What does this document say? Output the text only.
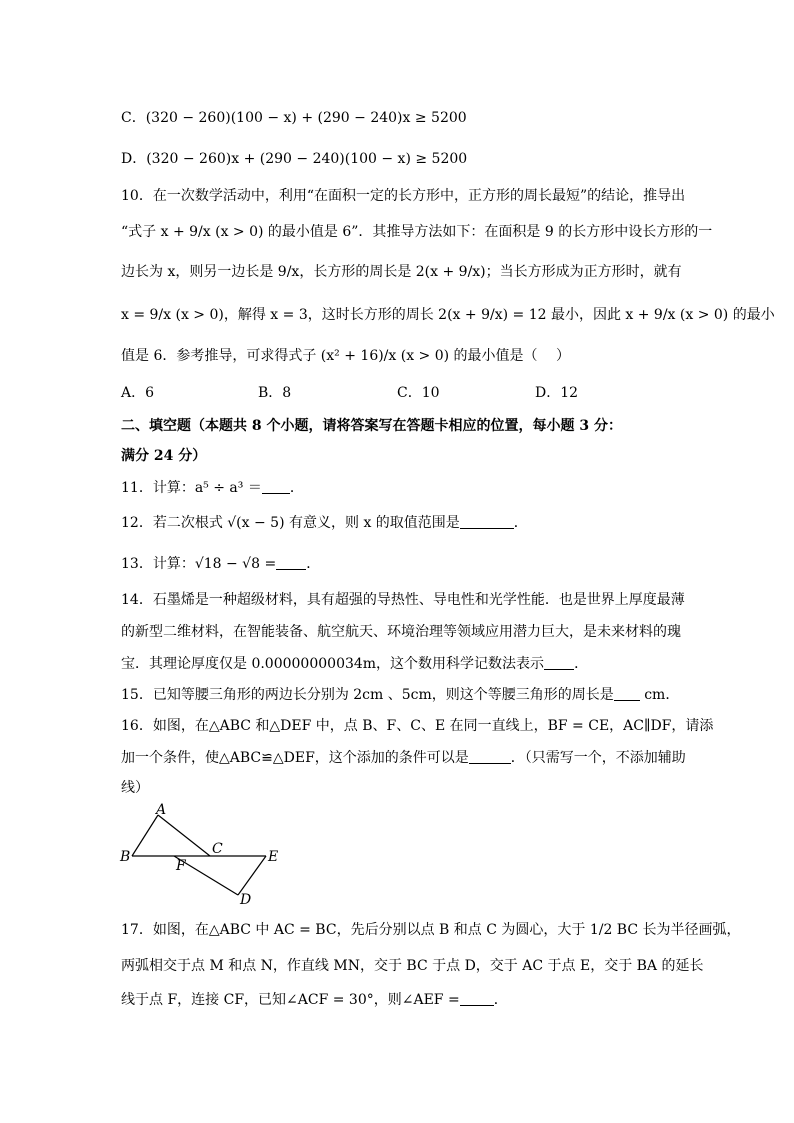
C．(320 − 260)(100 − x) + (290 − 240)x ≥ 5200
D．(320 − 260)x + (290 − 240)(100 − x) ≥ 5200
10．在一次数学活动中，利用“在面积一定的长方形中，正方形的周长最短”的结论，推导出
“式子 x + 9/x (x > 0) 的最小值是 6”．其推导方法如下：在面积是 9 的长方形中设长方形的一
边长为 x，则另一边长是 9/x，长方形的周长是 2(x + 9/x)；当长方形成为正方形时，就有
x = 9/x (x > 0)，解得 x = 3，这时长方形的周长 2(x + 9/x) = 12 最小，因此 x + 9/x (x > 0) 的最小
值是 6．参考推导，可求得式子 (x² + 16)/x (x > 0) 的最小值是（　 ）
A．6	B．8	C．10	D．12
二、填空题（本题共 8 个小题，请将答案写在答题卡相应的位置，每小题 3 分：
满分 24 分）
11．计算：a⁵ ÷ a³ ＝ ．
12．若二次根式 √(x − 5) 有意义，则 x 的取值范围是	．
13．计算：√18 − √8 = ．
14．石墨烯是一种超级材料，具有超强的导热性、导电性和光学性能．也是世界上厚度最薄
的新型二维材料，在智能装备、航空航天、环境治理等领域应用潜力巨大，是未来材料的瑰
宝．其理论厚度仅是 0.00000000034m，这个数用科学记数法表示 ．
15．已知等腰三角形的两边长分别为 2cm 、5cm，则这个等腰三角形的周长是 cm．
16．如图，在△ABC 和△DEF 中，点 B、F、C、E 在同一直线上，BF = CE，AC∥DF，请添
加一个条件，使△ABC≌△DEF，这个添加的条件可以是	．（只需写一个，不添加辅助
线）
A
B	C
F
E
D
17．如图，在△ABC 中 AC = BC，先后分别以点 B 和点 C 为圆心，大于 1/2 BC 长为半径画弧，
两弧相交于点 M 和点 N，作直线 MN，交于 BC 于点 D，交于 AC 于点 E，交于 BA 的延长
线于点 F，连接 CF，已知∠ACF = 30°，则∠AEF = ．
